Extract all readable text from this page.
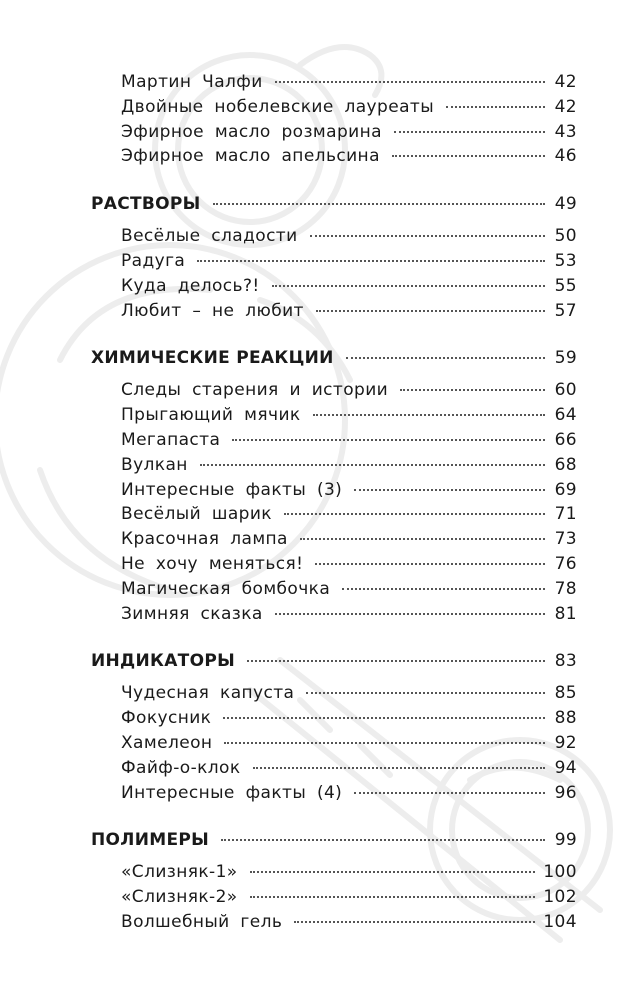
Мартин Чалфи	42
Двойные нобелевские лауреаты	42
Эфирное масло розмарина	43
Эфирное масло апельсина	46
РАСТВОРЫ	49
Весёлые сладости	50
Радуга	53
Куда делось?!	55
Любит – не любит	57
ХИМИЧЕСКИЕ РЕАКЦИИ	59
Следы старения и истории	60
Прыгающий мячик	64
Мегапаста	66
Вулкан	68
Интересные факты (3)	69
Весёлый шарик	71
Красочная лампа	73
Не хочу меняться!	76
Магическая бомбочка	78
Зимняя сказка	81
ИНДИКАТОРЫ	83
Чудесная капуста	85
Фокусник	88
Хамелеон	92
Файф-о-клок	94
Интересные факты (4)	96
ПОЛИМЕРЫ	99
«Слизняк-1»	100
«Слизняк-2»	102
Волшебный гель	104
